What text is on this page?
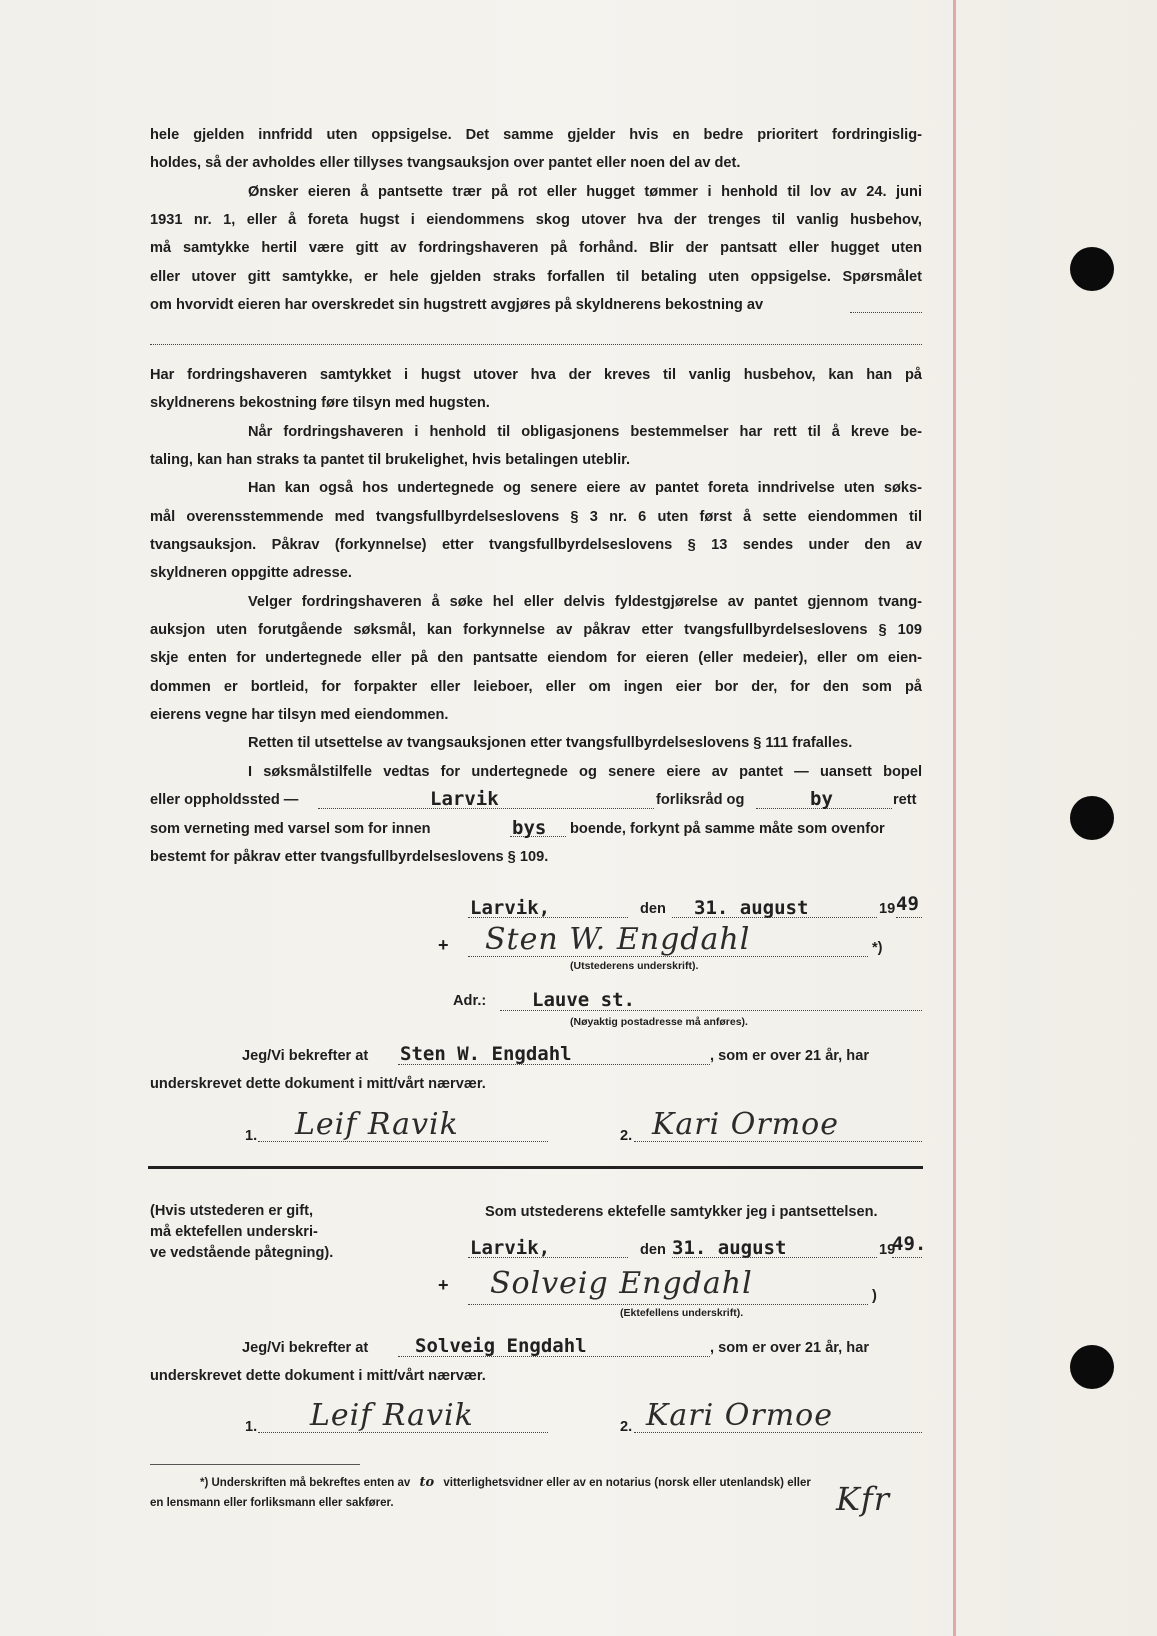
hele gjelden innfridd uten oppsigelse. Det samme gjelder hvis en bedre prioritert fordringislig-
holdes, så der avholdes eller tillyses tvangsauksjon over pantet eller noen del av det.
Ønsker eieren å pantsette trær på rot eller hugget tømmer i henhold til lov av 24. juni
1931 nr. 1, eller å foreta hugst i eiendommens skog utover hva der trenges til vanlig husbehov,
må samtykke hertil være gitt av fordringshaveren på forhånd. Blir der pantsatt eller hugget uten
eller utover gitt samtykke, er hele gjelden straks forfallen til betaling uten oppsigelse. Spørsmålet
om hvorvidt eieren har overskredet sin hugstrett avgjøres på skyldnerens bekostning av
Har fordringshaveren samtykket i hugst utover hva der kreves til vanlig husbehov, kan han på
skyldnerens bekostning føre tilsyn med hugsten.
Når fordringshaveren i henhold til obligasjonens bestemmelser har rett til å kreve be-
taling, kan han straks ta pantet til brukelighet, hvis betalingen uteblir.
Han kan også hos undertegnede og senere eiere av pantet foreta inndrivelse uten søks-
mål overensstemmende med tvangsfullbyrdelseslovens § 3 nr. 6 uten først å sette eiendommen til
tvangsauksjon. Påkrav (forkynnelse) etter tvangsfullbyrdelseslovens § 13 sendes under den av
skyldneren oppgitte adresse.
Velger fordringshaveren å søke hel eller delvis fyldestgjørelse av pantet gjennom tvang-
auksjon uten forutgående søksmål, kan forkynnelse av påkrav etter tvangsfullbyrdelseslovens § 109
skje enten for undertegnede eller på den pantsatte eiendom for eieren (eller medeier), eller om eien-
dommen er bortleid, for forpakter eller leieboer, eller om ingen eier bor der, for den som på
eierens vegne har tilsyn med eiendommen.
Retten til utsettelse av tvangsauksjonen etter tvangsfullbyrdelseslovens § 111 frafalles.
I søksmålstilfelle vedtas for undertegnede og senere eiere av pantet — uansett bopel
eller oppholdssted —	Larvik	forliksråd og	by	rett
som verneting med varsel som for innen	bys boende, forkynt på samme måte som ovenfor
bestemt for påkrav etter tvangsfullbyrdelseslovens § 109.
Larvik,	den 31. august	19 49
+ Sten W. Engdahl	*)
(Utstederens underskrift).
Adr.: Lauve st.
(Nøyaktig postadresse må anføres).
Jeg/Vi bekrefter at Sten W. Engdahl	, som er over 21 år, har
underskrevet dette dokument i mitt/vårt nærvær.
1. Leif Ravik	2. Kari Ormoe
(Hvis utstederen er gift,
må ektefellen underskri-
ve vedstående påtegning).
Som utstederens ektefelle samtykker jeg i pantsettelsen.
Larvik,	den 31. august	19
49.
+ Solveig Engdahl	)
(Ektefellens underskrift).
Jeg/Vi bekrefter at Solveig Engdahl	, som er over 21 år, har
underskrevet dette dokument i mitt/vårt nærvær.
1. Leif Ravik	2. Kari Ormoe
*) Underskriften må bekreftes enten av to vitterlighetsvidner eller av en notarius (norsk eller utenlandsk) eller
en lensmann eller forliksmann eller sakfører.	Kfr
